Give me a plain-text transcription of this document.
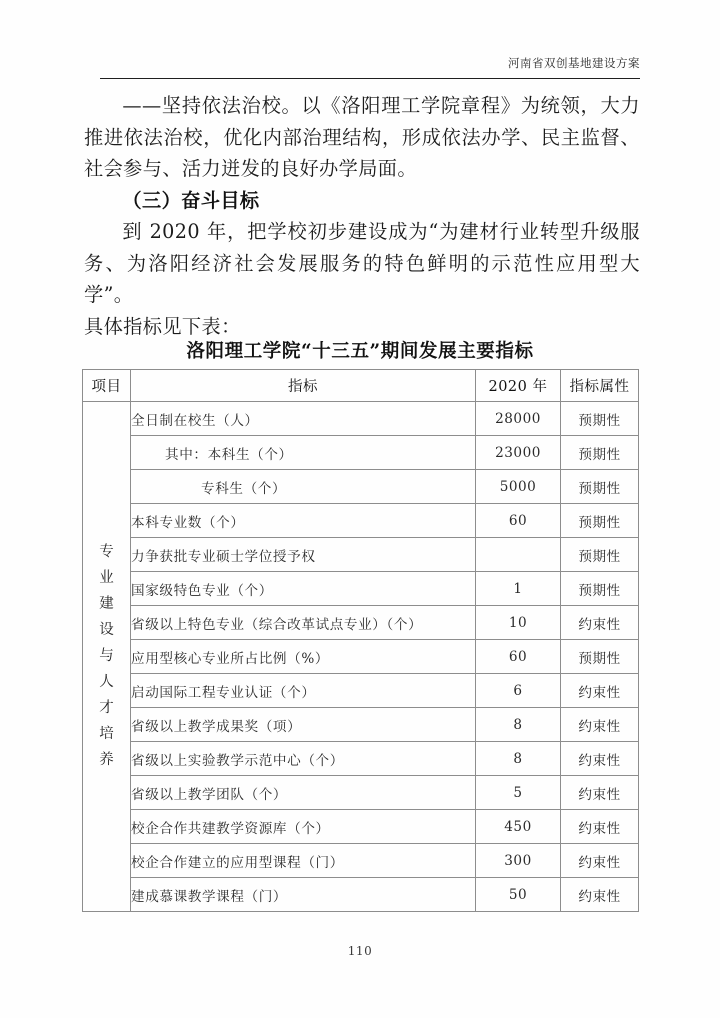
河南省双创基地建设方案

——坚持依法治校。以《洛阳理工学院章程》为统领，大力推进依法治校，优化内部治理结构，形成依法办学、民主监督、社会参与、活力迸发的良好办学局面。

（三）奋斗目标

到 2020 年，把学校初步建设成为“为建材行业转型升级服务、为洛阳经济社会发展服务的特色鲜明的示范性应用型大学”。

具体指标见下表：

洛阳理工学院“十三五”期间发展主要指标
项目	指标	2020 年	指标属性

专
业
建
设
与
人
才
培
养
	全日制在校生（人）	28000	预期性
	其中：本科生（个）	23000	预期性
	专科生（个）	5000	预期性
	本科专业数（个）	60	预期性
	力争获批专业硕士学位授予权		预期性
	国家级特色专业（个）	1	预期性
	省级以上特色专业（综合改革试点专业）（个）	10	约束性
	应用型核心专业所占比例（%）	60	预期性
	启动国际工程专业认证（个）	6	约束性
	省级以上教学成果奖（项）	8	约束性
	省级以上实验教学示范中心（个）	8	约束性
	省级以上教学团队（个）	5	约束性
	校企合作共建教学资源库（个）	450	约束性
	校企合作建立的应用型课程（门）	300	约束性
	建成慕课教学课程（门）	50	约束性
110
